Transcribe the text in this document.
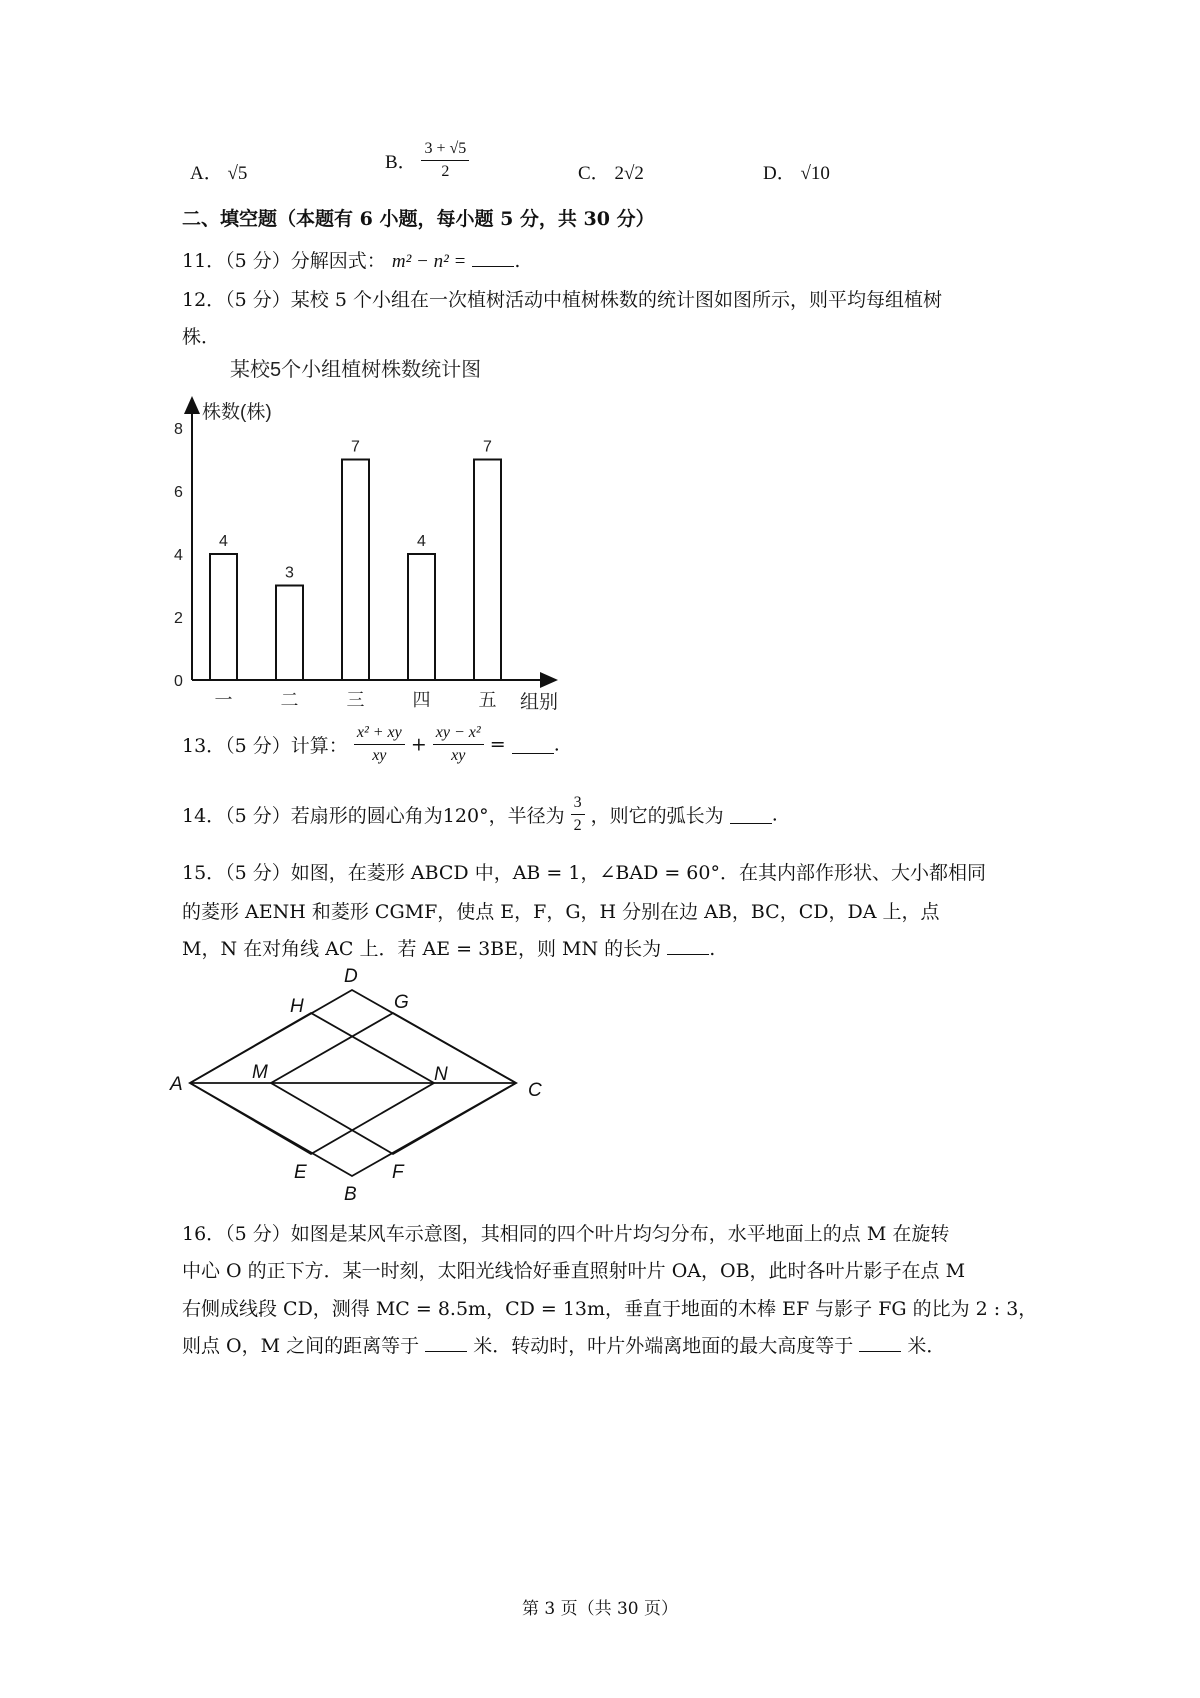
A． √5
B． $\frac{3 + √5}{2}$	C． 2√2	D． √10
二、填空题（本题有 6 小题，每小题 5 分，共 30 分）
11．（5 分）分解因式： m² − n² =	.
12．（5 分）某校 5 个小组在一次植树活动中植树株数的统计图如图所示，则平均每组植树
株．
某校5个小组植树株数统计图
株数(株)
组别
0
2
4
6
8
4
3
7
4
7
一	二	三	四	五
13．（5 分）计算： $\frac{\text{x² + xy}}{xy} + \frac{\text{xy − x²}}{xy}$ =	.
14．（5 分）若扇形的圆心角为120°，半径为 $\frac{3}{2}$ ，则它的弧长为	.
15．（5 分）如图，在菱形 ABCD 中，AB = 1，∠BAD = 60°．在其内部作形状、大小都相同
的菱形 AENH 和菱形 CGMF，使点 E，F，G，H 分别在边 AB，BC，CD，DA 上，点
M，N 在对角线 AC 上．若 AE = 3BE，则 MN 的长为	.
A
B
C
D
E	F
G
H
M	N
16．（5 分）如图是某风车示意图，其相同的四个叶片均匀分布，水平地面上的点 M 在旋转
中心 O 的正下方．某一时刻，太阳光线恰好垂直照射叶片 OA，OB，此时各叶片影子在点 M
右侧成线段 CD，测得 MC = 8.5m，CD = 13m，垂直于地面的木棒 EF 与影子 FG 的比为 2 : 3，
则点 O，M 之间的距离等于	米．转动时，叶片外端离地面的最大高度等于	米．
第 3 页（共 30 页）
